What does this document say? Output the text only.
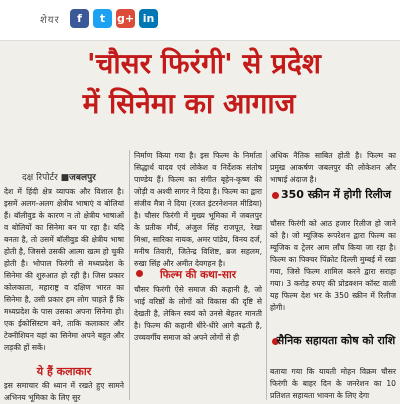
शेयर	f	t	g+ in
'चौसर फिरंगी' से प्रदेश
में सिनेमा का आगाज
दक्ष रिपोर्टर ■जबलपुर

देश में हिंदी क्षेत्र व्यापक और विशाल है। इसमें अलग-अलग क्षेत्रीय भाषाएं व बोलियां हैं। बॉलीवुड के कारण न तो क्षेत्रीय भाषाओं व बोलियों का सिनेमा बन पा रहा है। यदि बनता है, तो उसमें बॉलीवुड की क्षेत्रीय भाषा होती है, जिससे उसकी आत्मा खत्म हो चुकी होती है। भोपाल फिरंगी से मध्यप्रदेश के सिनेमा की शुरुआत हो रही है। जिस प्रकार कोलकाता, महाराष्ट्र व दक्षिण भारत का सिनेमा है, उसी प्रकार हम लोग चाहते हैं कि मध्यप्रदेश के पास उसका अपना सिनेमा हो। एक ईकोसिस्टम बने, ताकि कलाकार और टेक्नीशियन यहां का सिनेमा अपने बहुत और लड़की हों सकें।

ये हैं कलाकार

इस समाचार की ध्यान में रखते हुए सामने अभिनय भूमिका के लिए सुर

निर्माण किया गया है। इस फिल्म के निर्माता सिद्धार्थ यादव एवं लोकेश व निर्देशक संतोष पाण्डेय हैं। फिल्म का संगीत बृहेन-कृष्ण की जोड़ी व अश्वी सागर ने दिया है। फिल्म का द्वारा संजीव मैत्रा ने दिया (रजत इंटरनेशनल मीडिया) है। चौसर फिरंगी में मुख्य भूमिका में जबलपुर के प्रतीक मौर्य, अंजुल सिंह राजपूत, रेखा मिश्रा, सारिका नायक, अमर पांडेय, विनय दर्ज, मनीष तिवारी, जितेन्द्र विशिष्ट, ब्रज सहलम, रुखा सिंह और अमीत देवगहन है।

फिल्म की कथा-सार

चौसर फिरंगी ऐसे समाज की कहानी है, जो भाई वरिष्ठों के लोगों को विकास की दृष्टि से देखती है, लेकिन स्वयं को उनसे बेहतर मानती है। फिल्म की कहानी धीरे-धीरे आगे बढ़ती है, उच्चवर्गीय समाज को अपने लोगों से ही

अधिक नैतिक साबित होती है। फिल्म का प्रमुख आकर्षण जबलपुर की लोकेशन और भाषाई अंदाज है।

350 स्क्रीन में होगी रिलीज

चौसर फिरंगी को आठ हजार रिलीज हो जाने को है। जो म्यूजिक रूपरेशन द्वारा फिल्म का म्यूजिक व ट्रेलर आम लाँच किया जा रहा है। फिल्म का पिक्चर पिंक्रोट दिल्ली मुम्बई में रखा गया, जिसे फिल्म शामिल करने द्वारा सराहा गया। 3 करोड़ रुपए की प्रोडक्शन कॉस्ट वाली यह फिल्म देश भर के 350 स्क्रीन में रिलीज होगी।

सैनिक सहायता कोष को राशि

बताया गया कि यायती मोहन विक्रम चौसर फिरंगी के बाहर दिन के जनरेशन का 10 प्रतिशत सहायता भावना के लिए देगा
